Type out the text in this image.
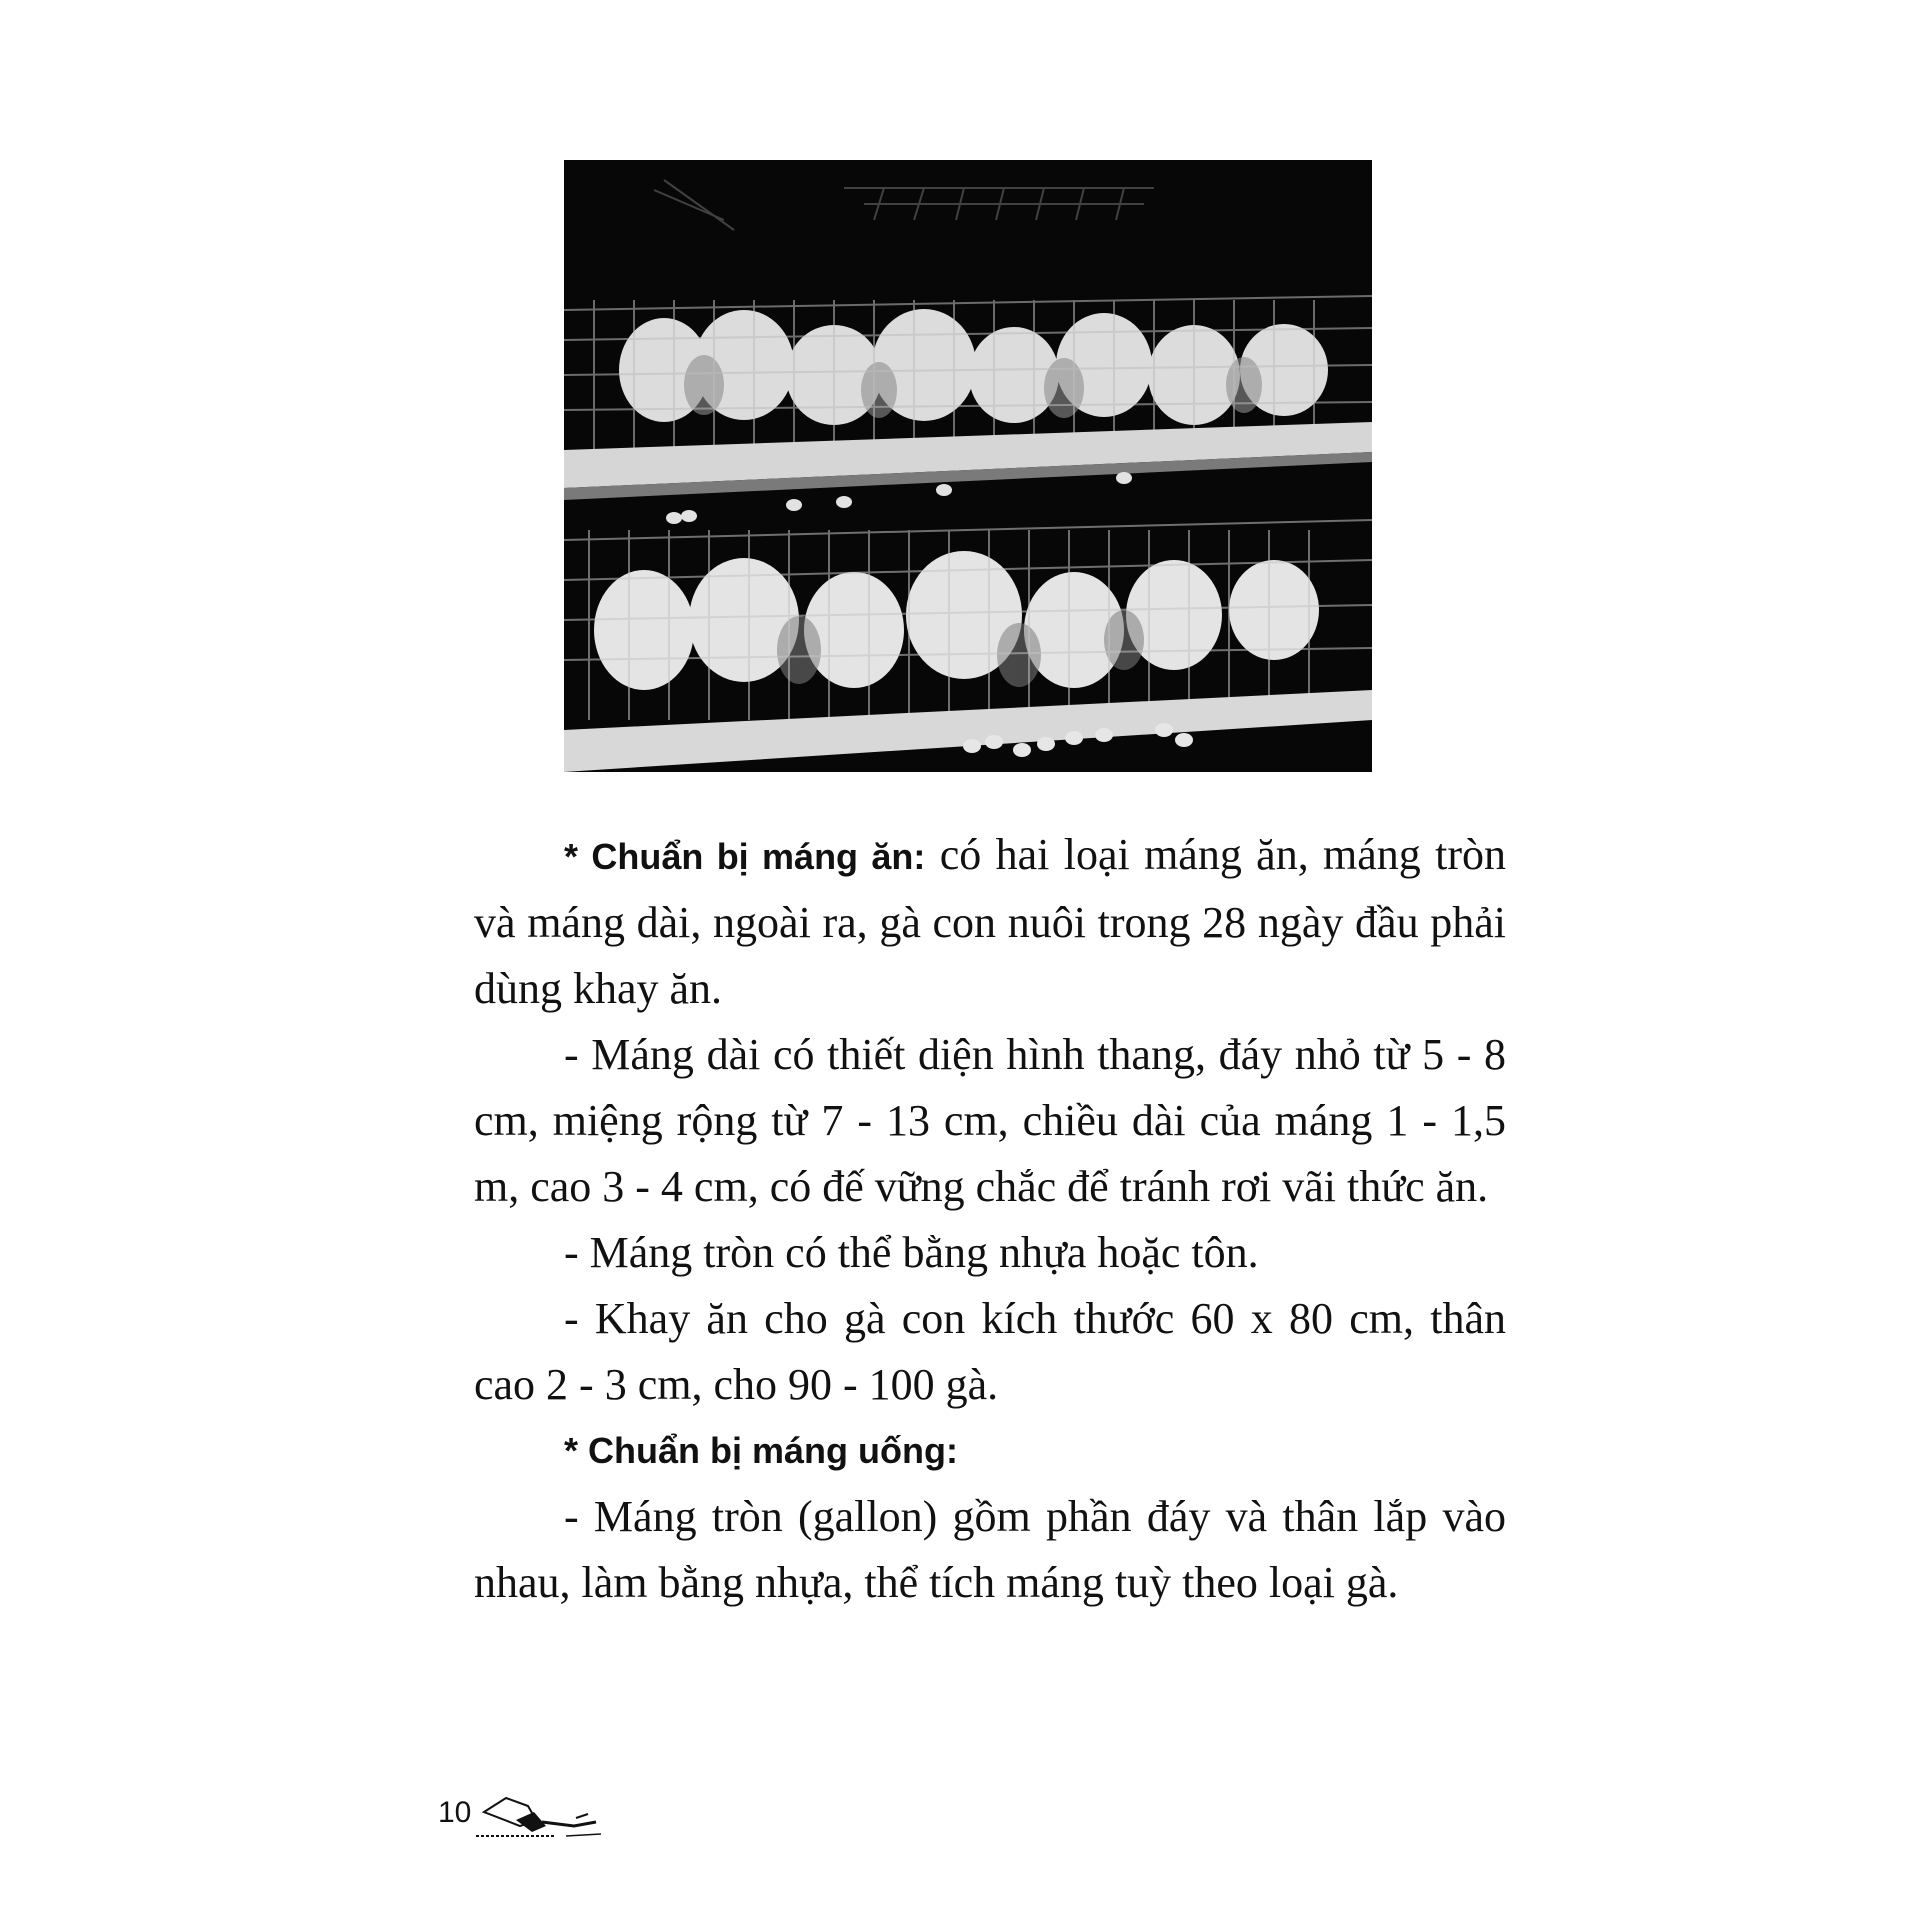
* Chuẩn bị máng ăn: có hai loại máng ăn, máng tròn và máng dài, ngoài ra, gà con nuôi trong 28 ngày đầu phải dùng khay ăn.

- Máng dài có thiết diện hình thang, đáy nhỏ từ 5 - 8 cm, miệng rộng từ 7 - 13 cm, chiều dài của máng 1 - 1,5 m, cao 3 - 4 cm, có đế vững chắc để tránh rơi vãi thức ăn.

- Máng tròn có thể bằng nhựa hoặc tôn.

- Khay ăn cho gà con kích thước 60 x 80 cm, thân cao 2 - 3 cm, cho 90 - 100 gà.

* Chuẩn bị máng uống:

- Máng tròn (gallon) gồm phần đáy và thân lắp vào nhau, làm bằng nhựa, thể tích máng tuỳ theo loại gà.

10
